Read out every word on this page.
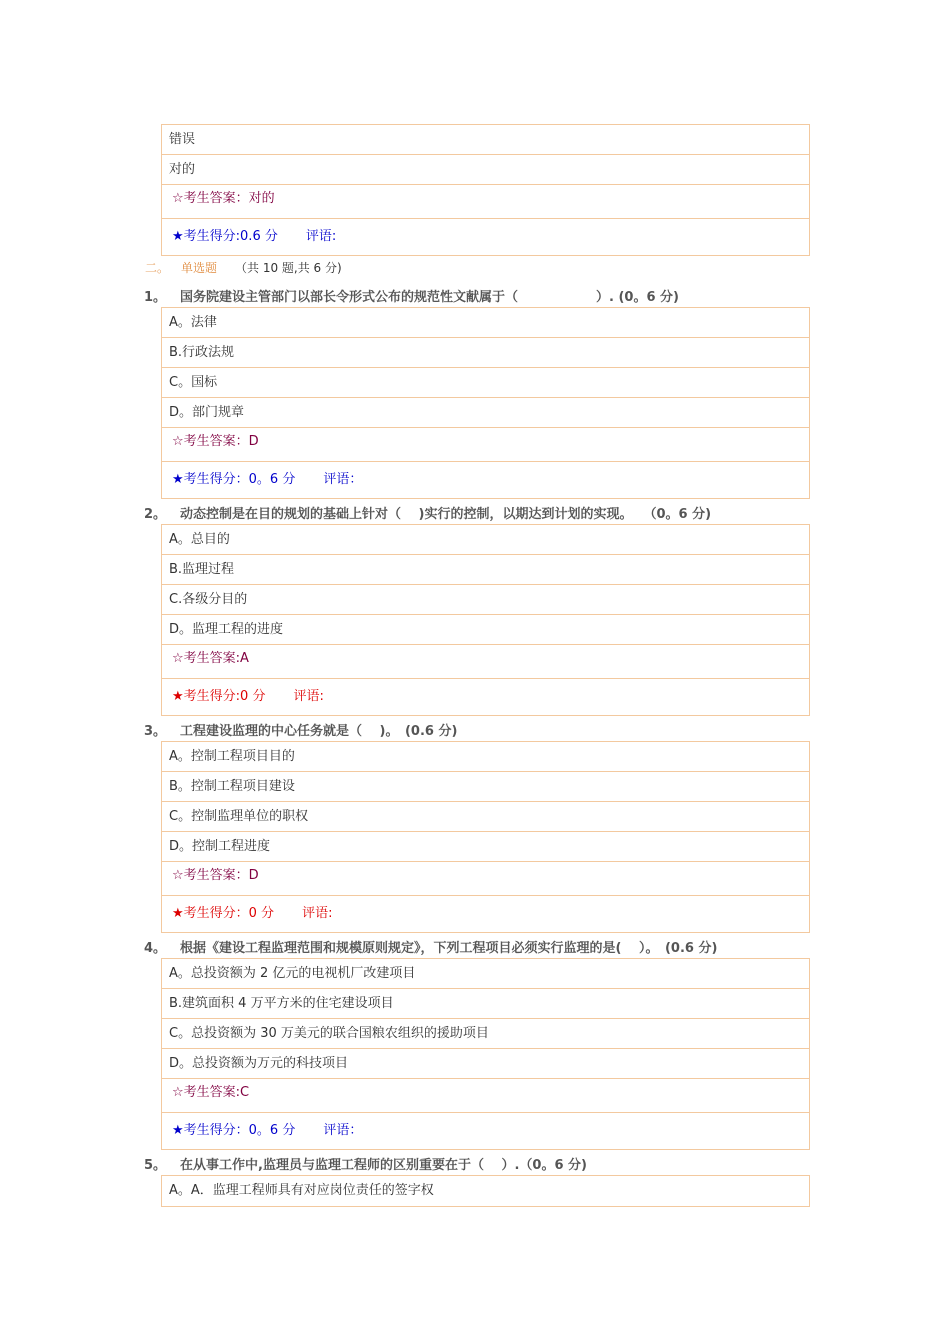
错误
对的
☆考生答案：对的
★考生得分:0.6 分 评语:
二。 单选题 （共 10 题,共 6 分)
1。 国务院建设主管部门以部长令形式公布的规范性文献属于（　　　　　　）. (0。6 分)
A。法律
B.行政法规
C。国标
D。部门规章
☆考生答案：D
★考生得分：0。6 分 评语：
2。 动态控制是在目的规划的基础上针对（　 )实行的控制，以期达到计划的实现。　 （0。6 分)
A。总目的
B.监理过程
C.各级分目的
D。监理工程的进度
☆考生答案:A
★考生得分:0 分 评语:
3。 工程建设监理的中心任务就是（　 )。　(0.6 分)
A。控制工程项目目的
B。控制工程项目建设
C。控制监理单位的职权
D。控制工程进度
☆考生答案：D
★考生得分：0 分 评语:
4。 根据《建设工程监理范围和规模原则规定》，下列工程项目必须实行监理的是(　 ）。　(0.6 分)
A。总投资额为 2 亿元的电视机厂改建项目
B.建筑面积 4 万平方米的住宅建设项目
C。总投资额为 30 万美元的联合国粮农组织的援助项目
D。总投资额为万元的科技项目
☆考生答案:C
★考生得分：0。6 分 评语：
5。 在从事工作中,监理员与监理工程师的区别重要在于（　 ）.（0。6 分)
A。A．监理工程师具有对应岗位责任的签字权
